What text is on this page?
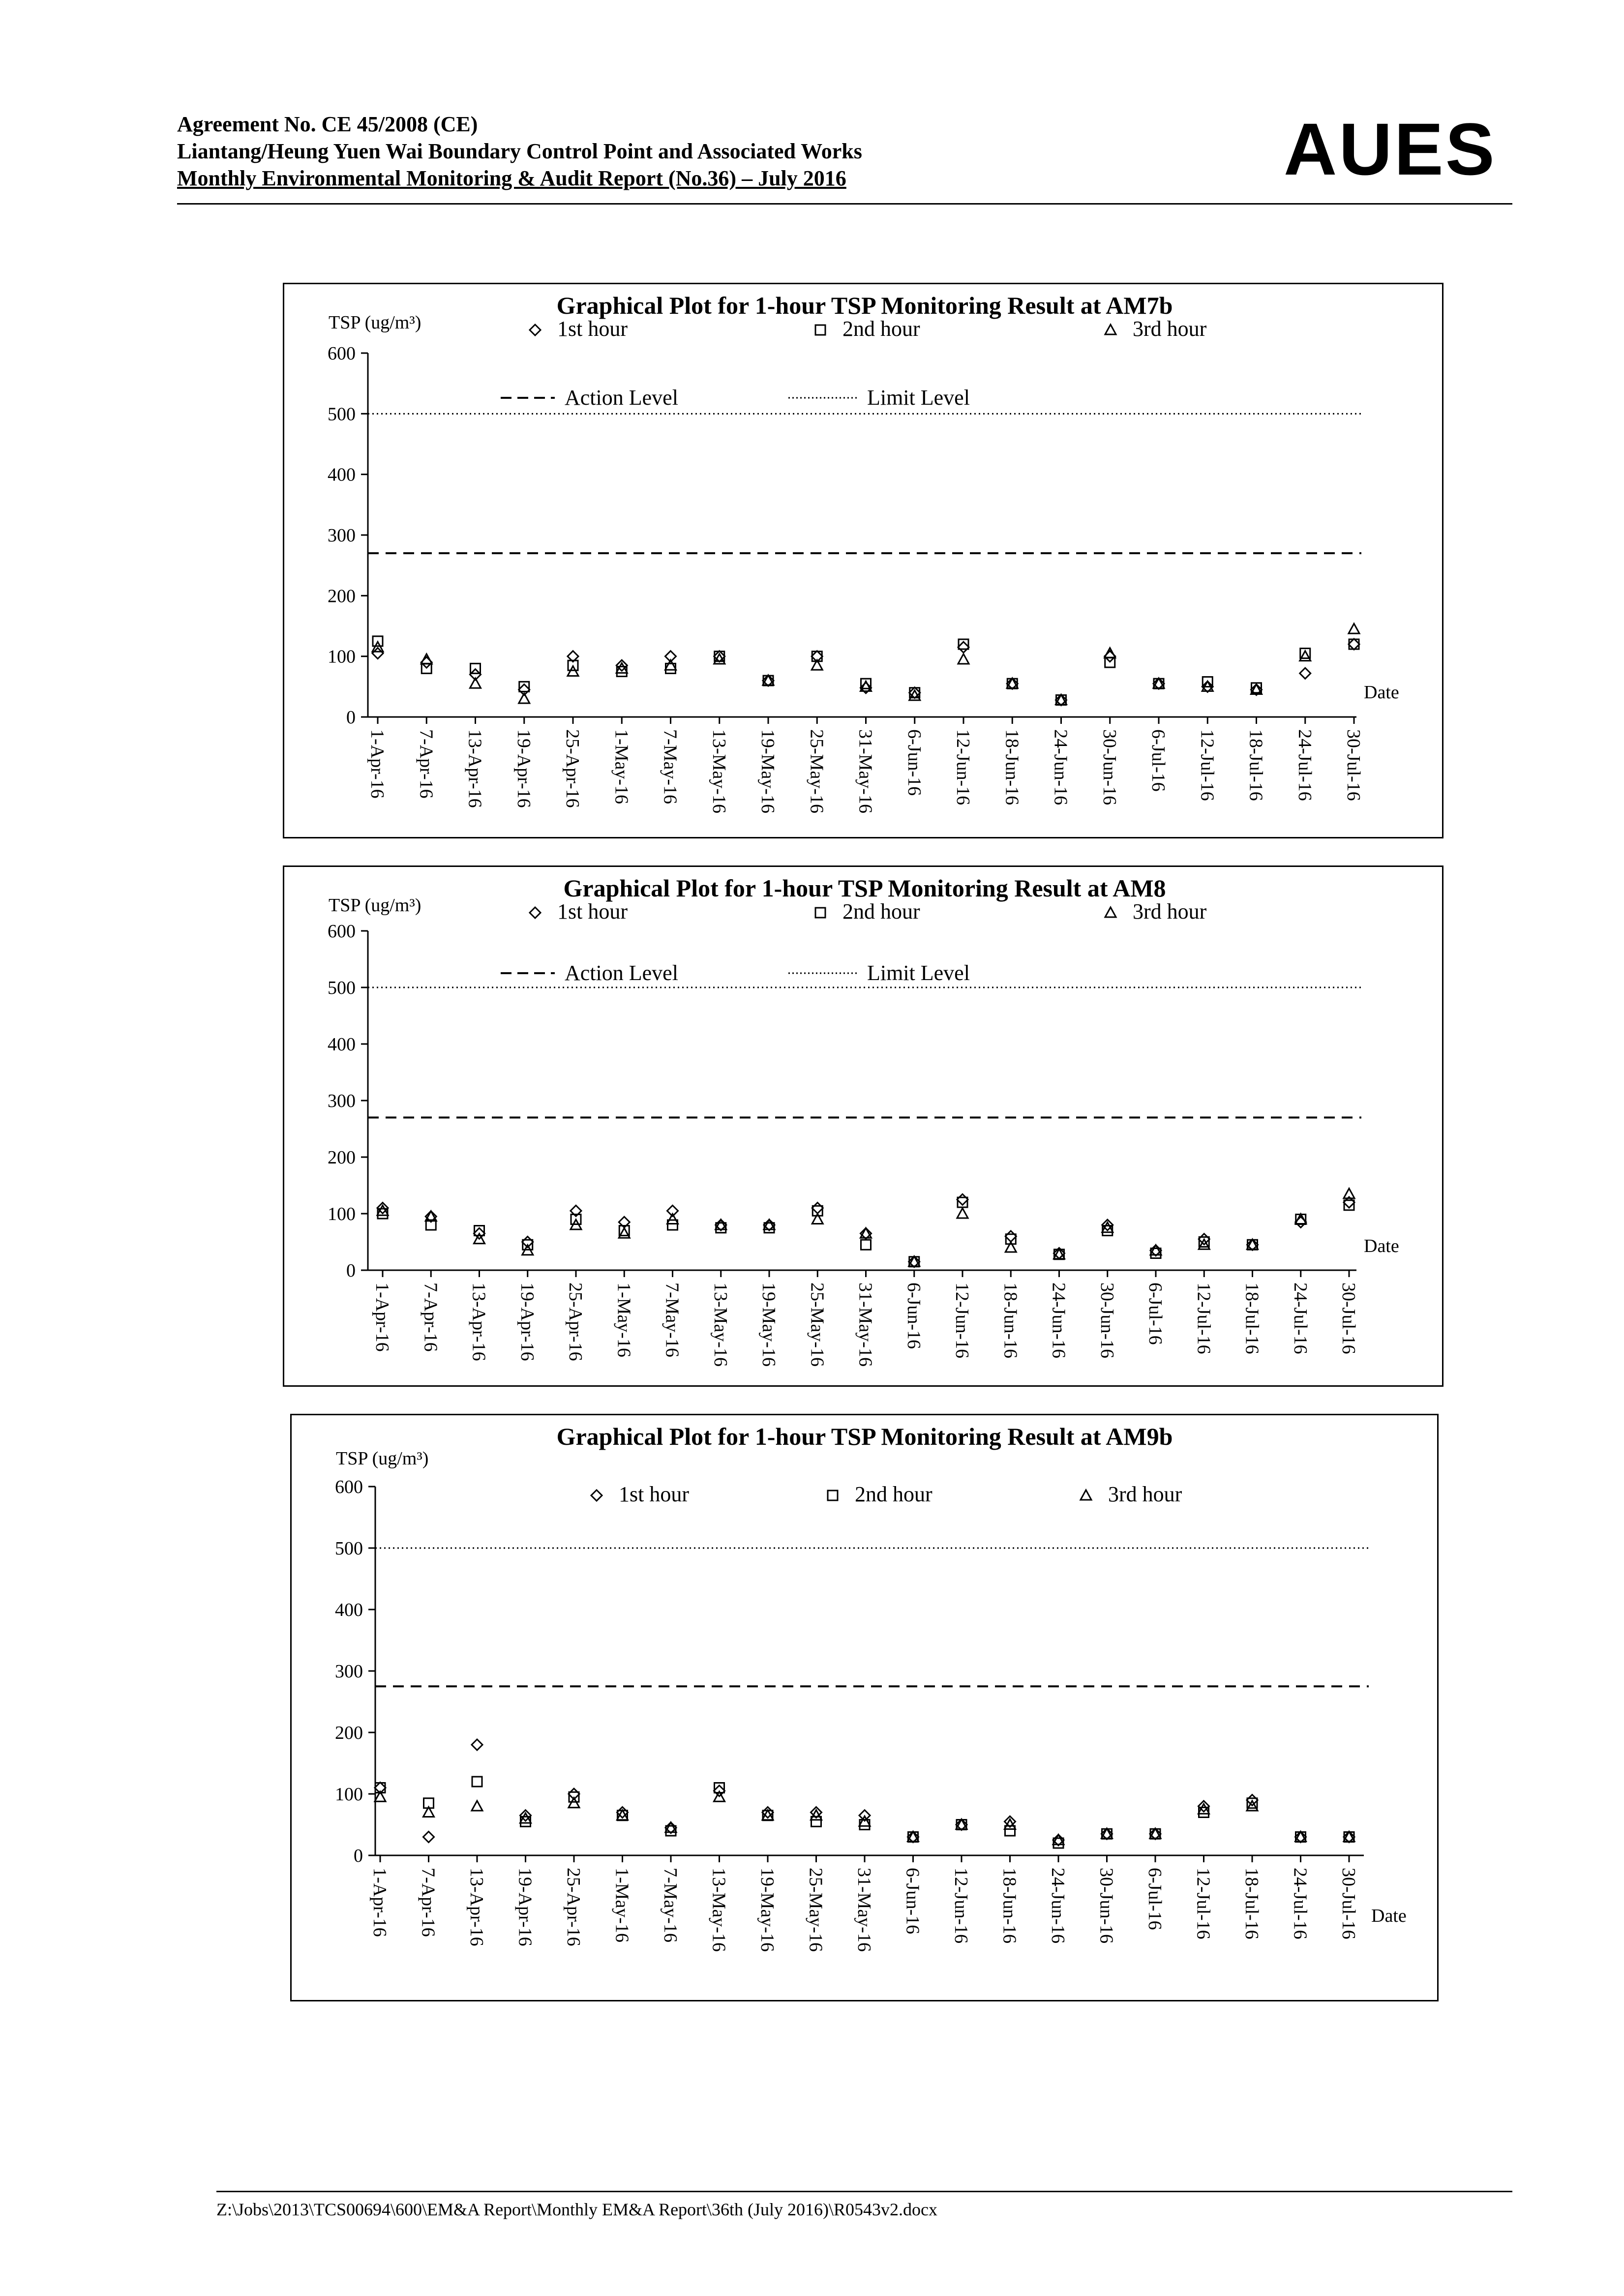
Agreement No. CE 45/2008 (CE)
Liantang/Heung Yuen Wai Boundary Control Point and Associated Works
Monthly Environmental Monitoring & Audit Report (No.36) – July 2016	AUES
Graphical Plot for 1-hour TSP Monitoring Result at AM7b
TSP (ug/m³)
Date
0
100
200
300
400
500
600
1-Apr-16 7-Apr-16 13-Apr-16 19-Apr-16 25-Apr-16 1-May-16 7-May-16 13-May-16 19-May-16 25-May-16 31-May-16 6-Jun-16 12-Jun-16 18-Jun-16 24-Jun-16 30-Jun-16 6-Jul-16 12-Jul-16 18-Jul-16 24-Jul-16 30-Jul-16
1st hour	2nd hour	3rd hour
Action Level	Limit Level
Graphical Plot for 1-hour TSP Monitoring Result at AM8
TSP (ug/m³)
Date
0
100
200
300
400
500
600
1-Apr-16 7-Apr-16 13-Apr-16 19-Apr-16 25-Apr-16 1-May-16 7-May-16 13-May-16 19-May-16 25-May-16 31-May-16 6-Jun-16 12-Jun-16 18-Jun-16 24-Jun-16 30-Jun-16 6-Jul-16 12-Jul-16 18-Jul-16 24-Jul-16 30-Jul-16
1st hour	2nd hour	3rd hour
Action Level	Limit Level
Graphical Plot for 1-hour TSP Monitoring Result at AM9b
TSP (ug/m³)
Date
0
100
200
300
400
500
600
1-Apr-16 7-Apr-16 13-Apr-16 19-Apr-16 25-Apr-16 1-May-16 7-May-16 13-May-16 19-May-16 25-May-16 31-May-16 6-Jun-16 12-Jun-16 18-Jun-16 24-Jun-16 30-Jun-16 6-Jul-16 12-Jul-16 18-Jul-16 24-Jul-16 30-Jul-16
1st hour	2nd hour	3rd hour
Z:\Jobs\2013\TCS00694\600\EM&A Report\Monthly EM&A Report\36th (July 2016)\R0543v2.docx
